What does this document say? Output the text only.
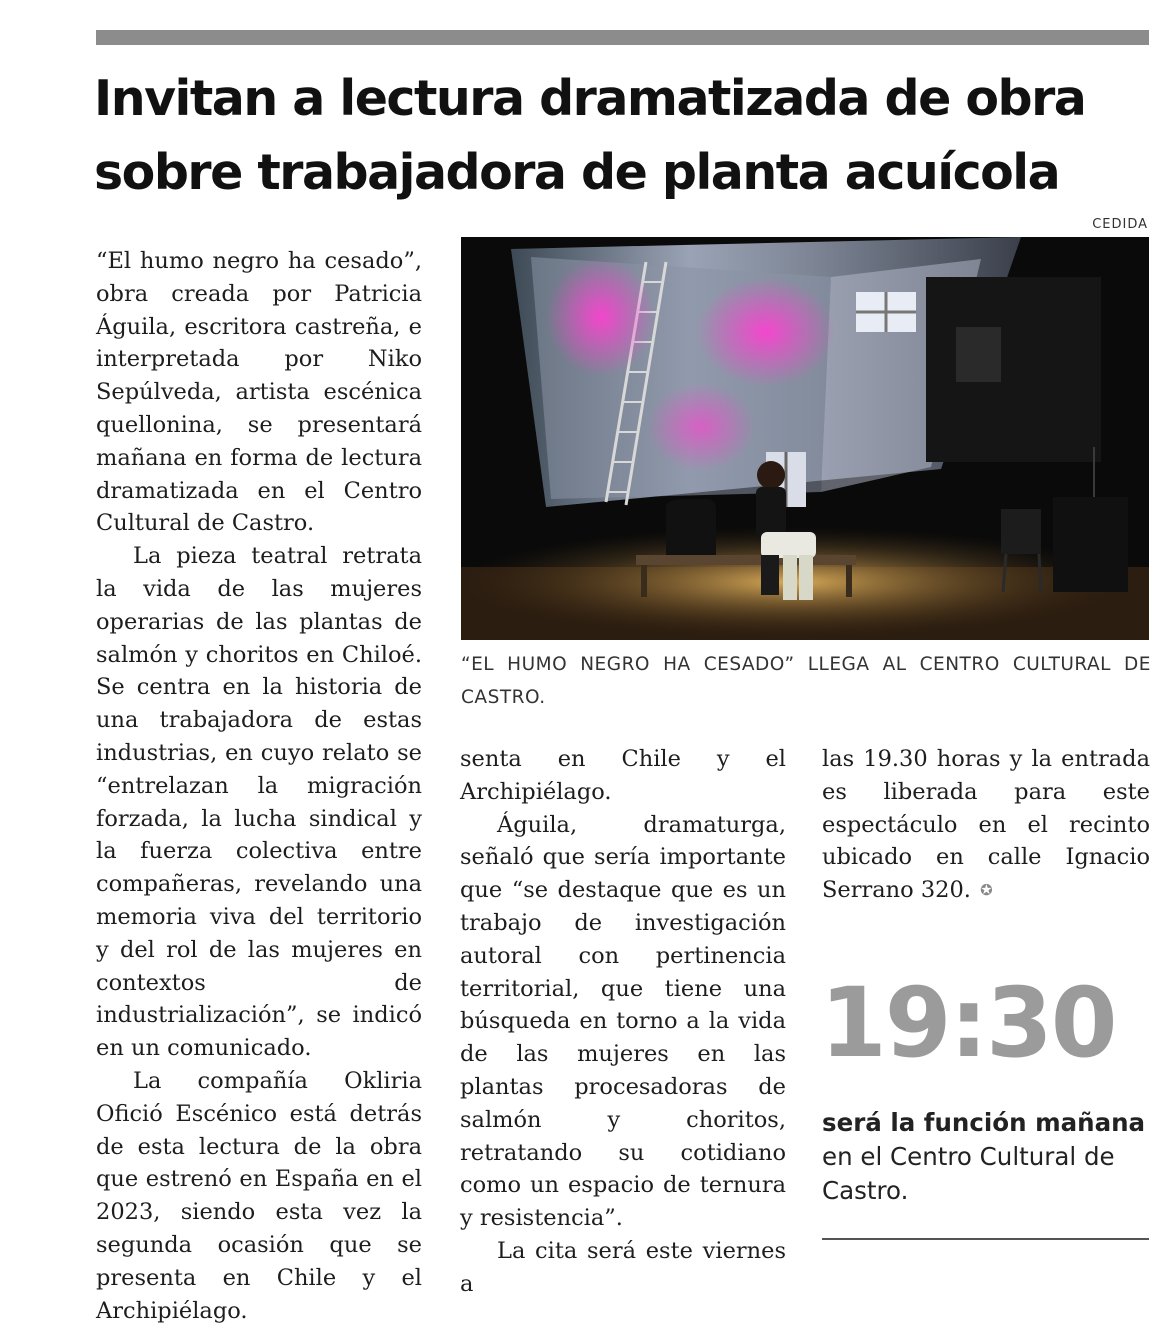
Invitan a lectura dramatizada de obra
sobre trabajadora de planta acuícola
CEDIDA

“EL HUMO NEGRO HA CESADO” LLEGA AL CENTRO CULTURAL DE CASTRO.

“El humo negro ha cesado”, obra creada por Patricia Águila, escritora castreña, e interpretada por Niko Sepúlveda, artista escénica quellonina, se presentará mañana en forma de lectura dramatizada en el Centro Cultural de Castro.

La pieza teatral retrata la vida de las mujeres operarias de las plantas de salmón y choritos en Chiloé. Se centra en la historia de una trabajadora de estas industrias, en cuyo relato se “entrelazan la migración forzada, la lucha sindical y la fuerza colectiva entre compañeras, revelando una memoria viva del territorio y del rol de las mujeres en contextos de industrialización”, se indicó en un comunicado.

La compañía Okliria Ofició Escénico está detrás de esta lectura de la obra que estrenó en España en el 2023, siendo esta vez la segunda ocasión que se presenta en Chile y el Archipiélago.

senta en Chile y el Archipiélago.

Águila, dramaturga, señaló que sería importante que “se destaque que es un trabajo de investigación autoral con pertinencia territorial, que tiene una búsqueda en torno a la vida de las mujeres en las plantas procesadoras de salmón y choritos, retratando su cotidiano como un espacio de ternura y resistencia”.

La cita será este viernes a

las 19.30 horas y la entrada es liberada para este espectáculo en el recinto ubicado en calle Ignacio Serrano 320. ✪

19:30
será la función mañana
en el Centro Cultural de Castro.
